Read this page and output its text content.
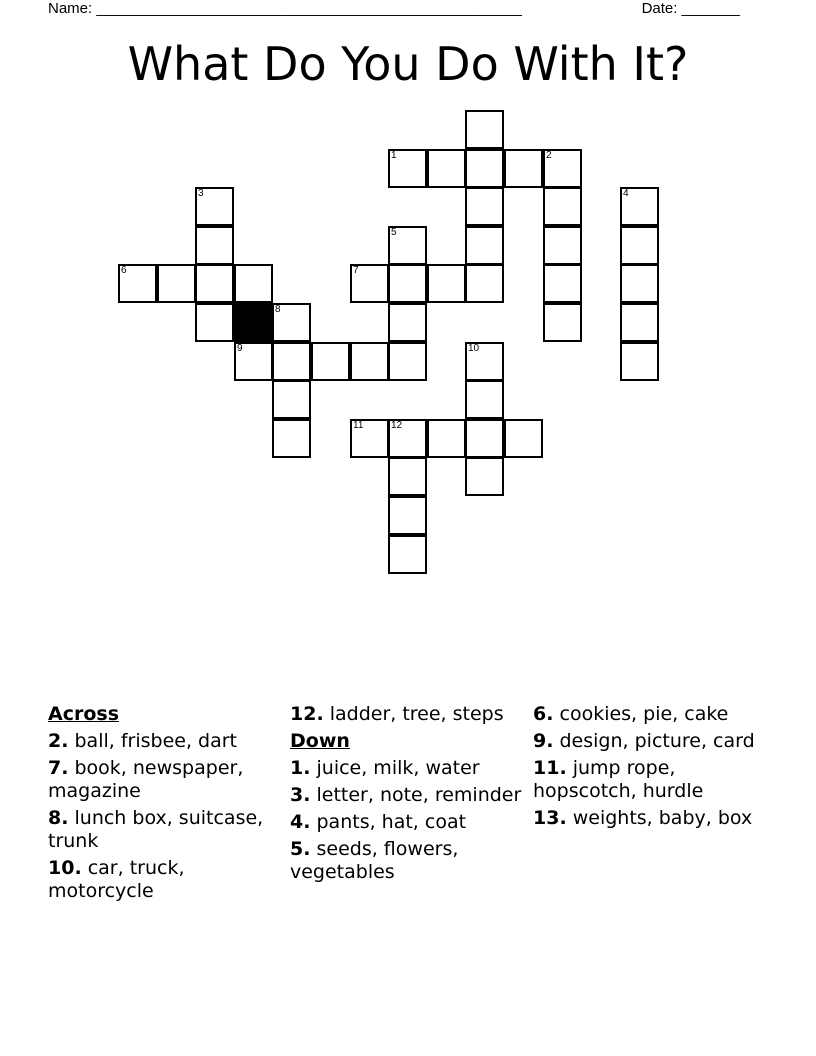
Name: ___________________________________________________	Date: _______
What Do You Do With It?
1	2
3	4
5
6	7
8
9	10
11	12
Across
2. ball, frisbee, dart
7. book, newspaper, magazine
8. lunch box, suitcase, trunk
10. car, truck, motorcycle
12. ladder, tree, steps
Down
1. juice, milk, water
3. letter, note, reminder
4. pants, hat, coat
5. seeds, flowers, vegetables
6. cookies, pie, cake
9. design, picture, card
11. jump rope, hopscotch, hurdle
13. weights, baby, box
